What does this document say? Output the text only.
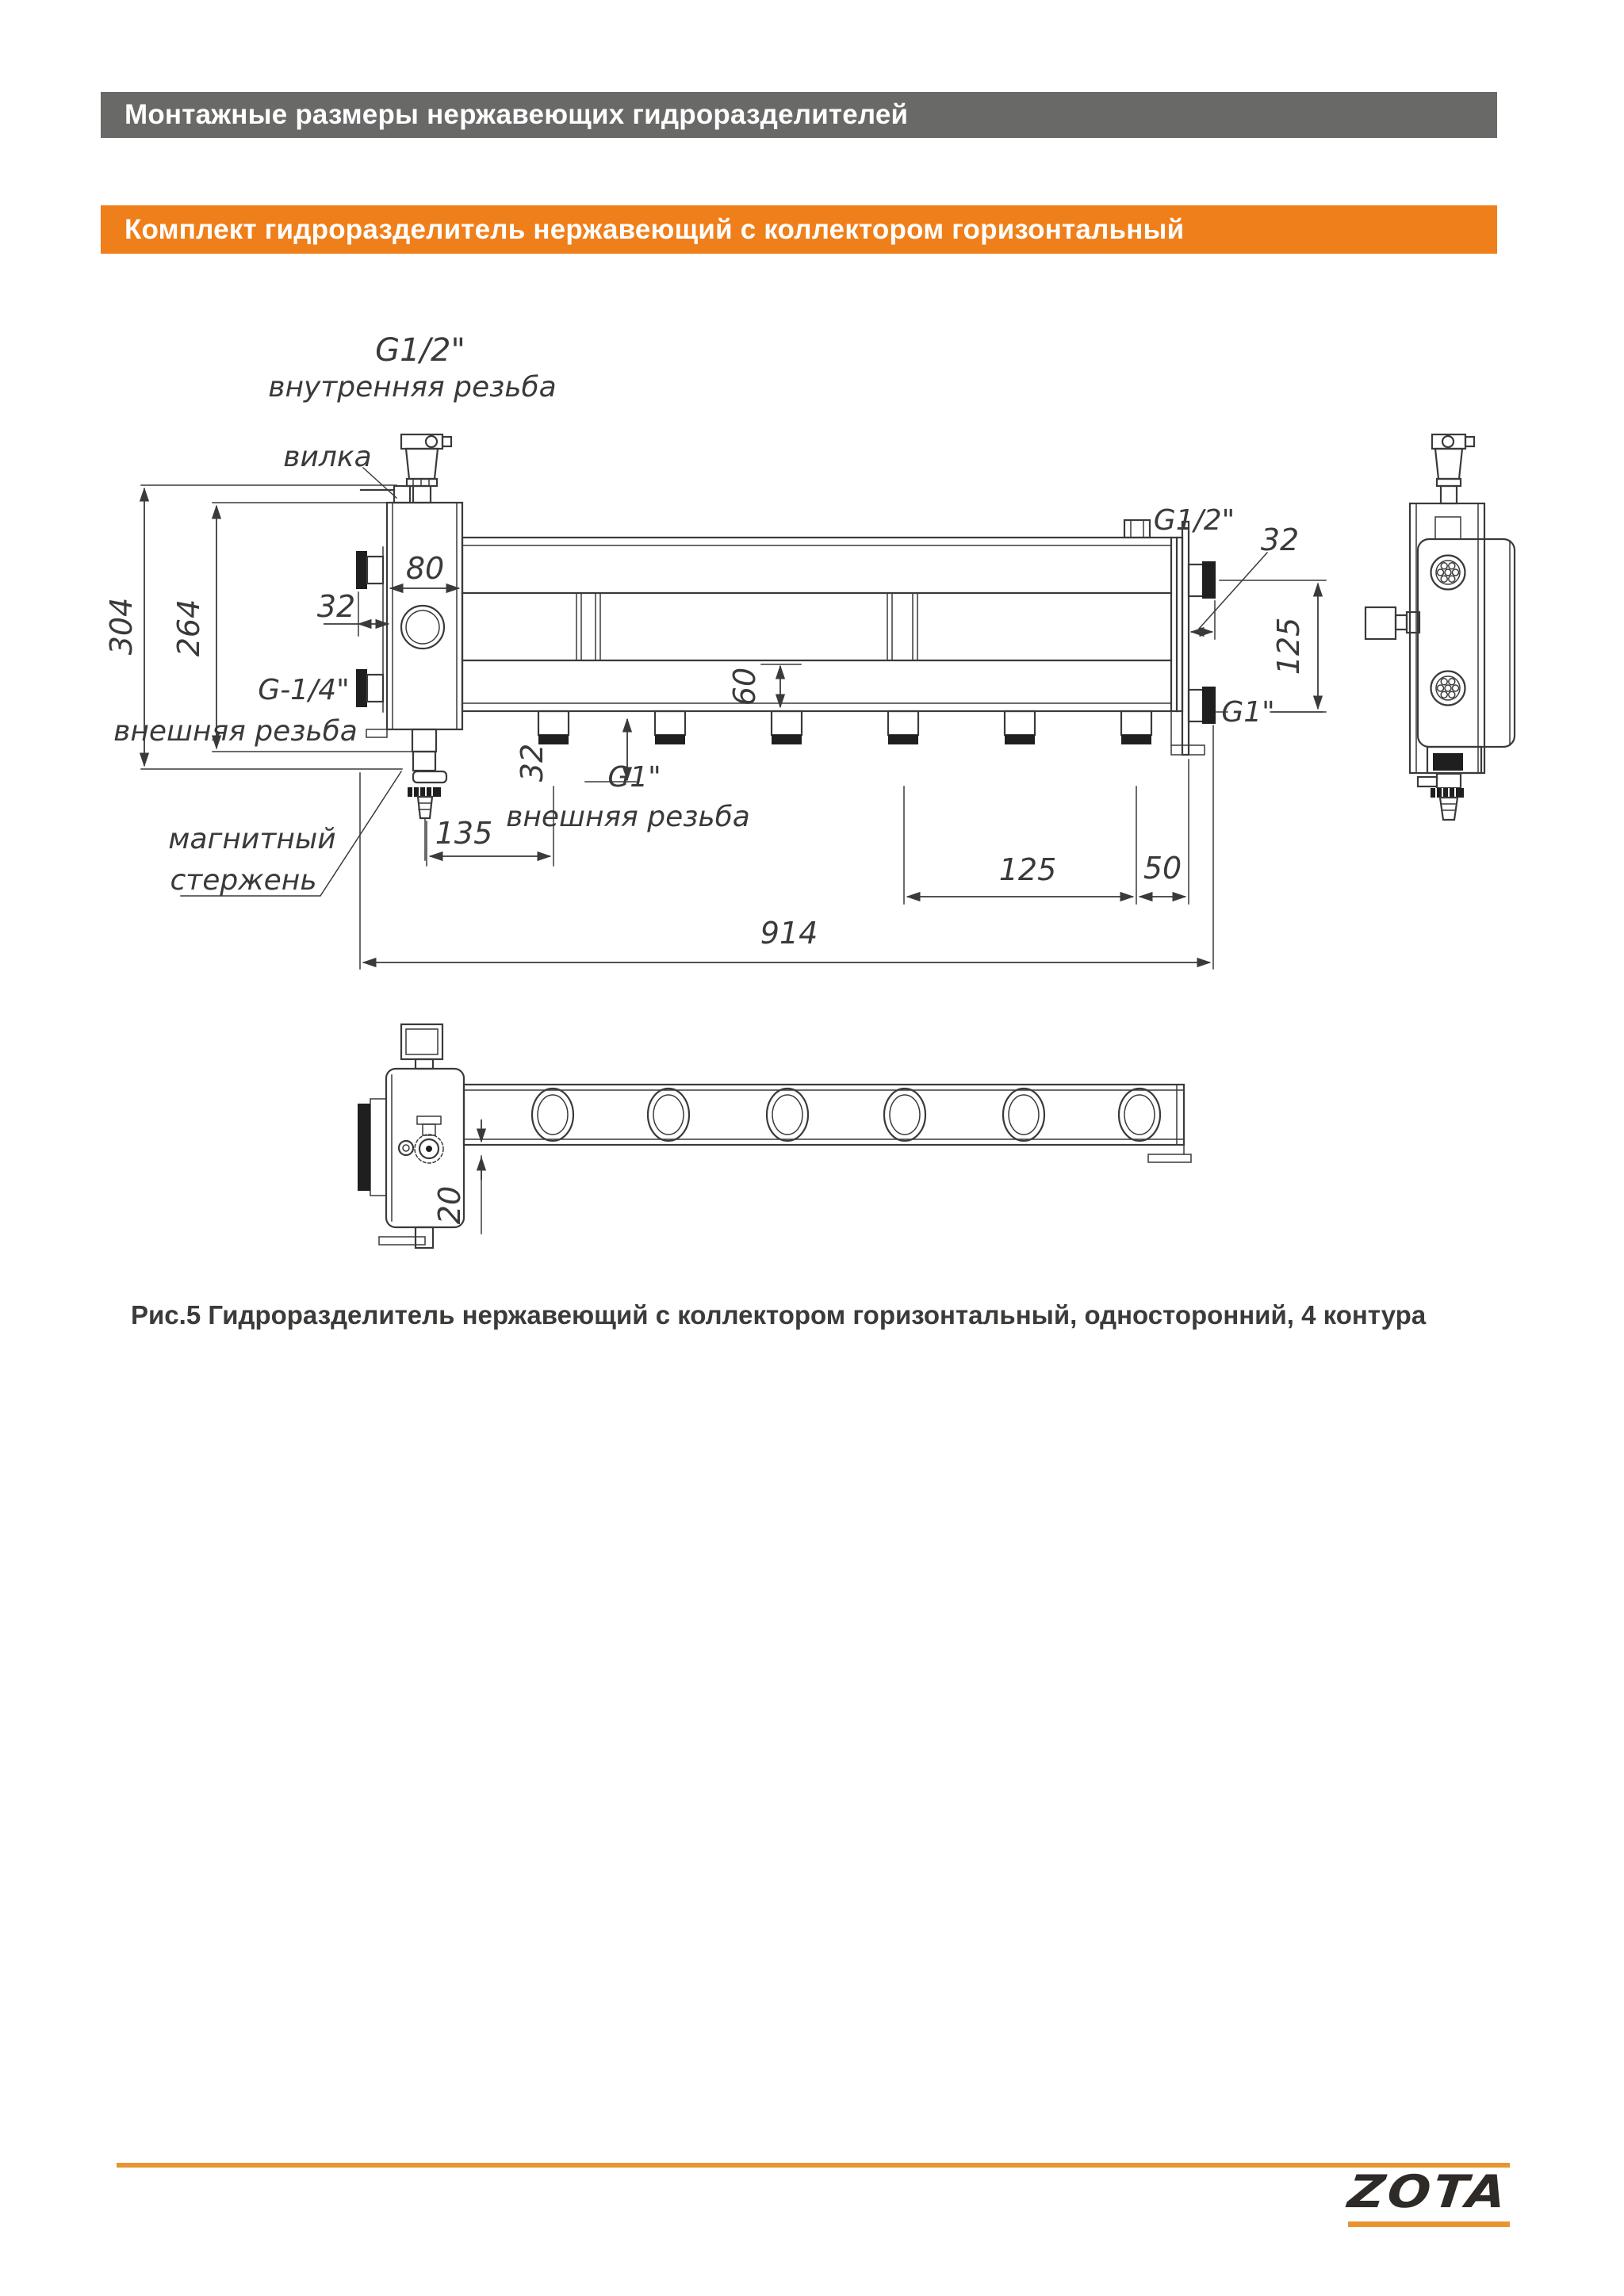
Монтажные размеры нержавеющих гидроразделителей
Комплект гидроразделитель нержавеющий с коллектором горизонтальный
G1/2"
внутренняя резьба
вилка
G-1/4"
внешняя резьба
магнитный
стержень
G1"
внешняя резьба
G1/2"
G1"
304 264
80
32
60
32
135
125	50
914
32
125
20
Рис.5 Гидроразделитель нержавеющий с коллектором горизонтальный, односторонний, 4 контура
ZOTA
